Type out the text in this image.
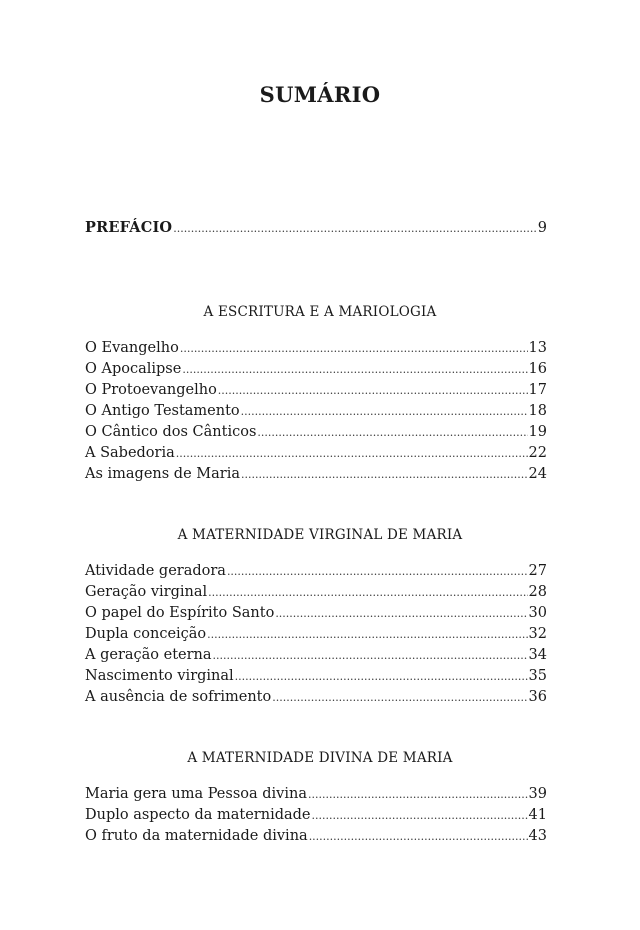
SUMÁRIO
PREFÁCIO .....	9
A ESCRITURA E A MARIOLOGIA
O Evangelho .....	13
O Apocalipse .....	16
O Protoevangelho .....	17
O Antigo Testamento .....	18
O Cântico dos Cânticos .....	19
A Sabedoria .....	22
As imagens de Maria .....	24
A MATERNIDADE VIRGINAL DE MARIA
Atividade geradora .....	27
Geração virginal .....	28
O papel do Espírito Santo .....	30
Dupla conceição .....	32
A geração eterna .....	34
Nascimento virginal .....	35
A ausência de sofrimento .....	36
A MATERNIDADE DIVINA DE MARIA
Maria gera uma Pessoa divina .....	39
Duplo aspecto da maternidade .....	41
O fruto da maternidade divina .....	43
